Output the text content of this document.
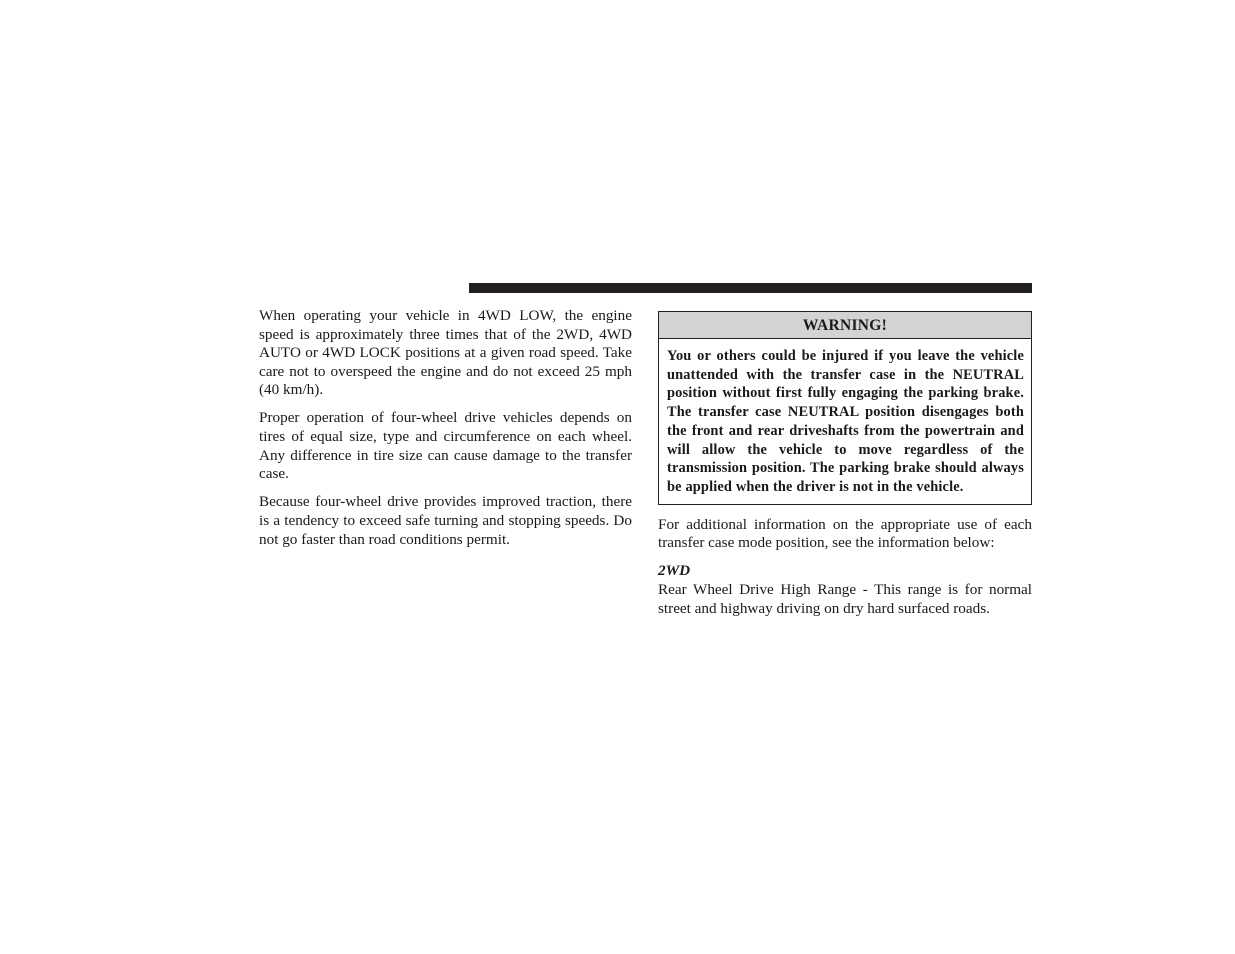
When operating your vehicle in 4WD LOW, the engine speed is approximately three times that of the 2WD, 4WD AUTO or 4WD LOCK positions at a given road speed. Take care not to overspeed the engine and do not exceed 25 mph (40 km/h).

Proper operation of four-wheel drive vehicles depends on tires of equal size, type and circumference on each wheel. Any difference in tire size can cause damage to the transfer case.

Because four-wheel drive provides improved traction, there is a tendency to exceed safe turning and stopping speeds. Do not go faster than road conditions permit.

WARNING!
You or others could be injured if you leave the vehicle unattended with the transfer case in the NEUTRAL position without first fully engaging the parking brake. The transfer case NEUTRAL position disengages both the front and rear driveshafts from the powertrain and will allow the vehicle to move regardless of the transmission position. The parking brake should always be applied when the driver is not in the vehicle.

For additional information on the appropriate use of each transfer case mode position, see the information below:

2WD

Rear Wheel Drive High Range - This range is for normal street and highway driving on dry hard surfaced roads.
